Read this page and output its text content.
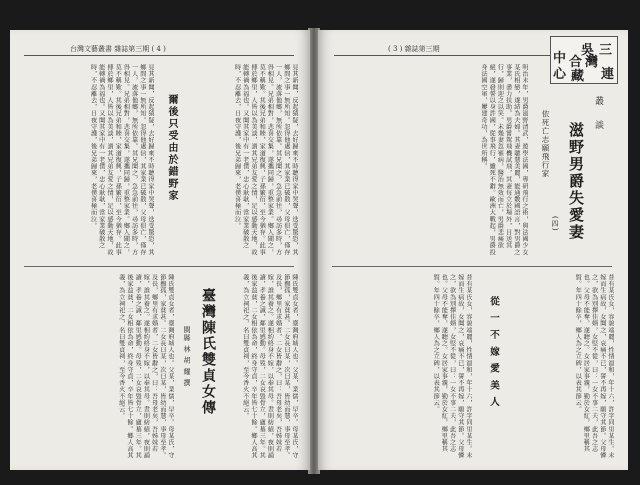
台灣文藝叢書 雜誌第三期 ( 4 )
見其新聞，反起猜疑，去好歸來不時聽得家中哭聲，迭受驚恐，其鄉間之事一無所知。忽得他處信，其家業已破散，父母俱亡，僅存一人，流落他鄉，無所依靠。其兄聞之，急急前往，尋訪多時，方得相見。兄弟相對，悲喜交集，遂攜同歸，重整家業。鄉人聞之，莫不稱歎。其後兄弟和睦，家道復興，子孫繁衍，至今猶存。此事傳於鄉里，人皆以為美談，謂其兄弟友愛之情，足以感動天地，故能轉禍為福也。又聞其家中有一老僕，忠心耿耿，當家業破散之時，不忍離去，日夜守護，後兄弟歸來，老僕喜極而泣。
爾後只受由於錯野家
見其新聞，反起猜疑，去好歸來不時聽得家中哭聲，迭受驚恐，其鄉間之事一無所知。忽得他處信，其家業已破散，父母俱亡，僅存一人，流落他鄉，無所依靠。其兄聞之，急急前往，尋訪多時，方得相見。兄弟相對，悲喜交集，遂攜同歸，重整家業。鄉人聞之，莫不稱歎。其後兄弟和睦，家道復興，子孫繁衍，至今猶存。此事傳於鄉里，人皆以為美談，謂其兄弟友愛之情，足以感動天地，故能轉禍為福也。又聞其家中有一老僕，忠心耿耿，當家業破散之時，不忍離去，日夜守護，後兄弟歸來，老僕喜極而泣。
陳氏雙貞女者，臺灣府城人也。父某，業儒，早卒。母某氏，守節撫孤，家貧甚。二女長曰某，次曰某，皆幼而慧，事母至孝。及長，鄉里有求婚者，二女皆辭之，曰：吾母老矣，吾姊妹若嫁，誰其養之。遂相約終身不嫁，以奉其母。晝則紡績，夜則誦讀，孝養之誠，鄰里感動。母歿，二女哀毀骨立，廬墓三年。其後家益貧，二女相依為命，終身守貞，卒年皆七十餘。鄉人高其義，為立祠祀之，名曰雙貞祠，至今香火不絕云。
臺灣陳氏雙貞女傳
閩縣 林 胡 耀 撰
陳氏雙貞女者，臺灣府城人也。父某，業儒，早卒。母某氏，守節撫孤，家貧甚。二女長曰某，次曰某，皆幼而慧，事母至孝。及長，鄉里有求婚者，二女皆辭之，曰：吾母老矣，吾姊妹若嫁，誰其養之。遂相約終身不嫁，以奉其母。晝則紡績，夜則誦讀，孝養之誠，鄰里感動。母歿，二女哀毀骨立，廬墓三年。其後家益貧，二女相依為命，終身守貞，卒年皆七十餘。鄉人高其義，為立祠祀之，名曰雙貞祠，至今香火不絕云。
( 3 ) 雜誌第三期	吳 三
合 灣
中
心	連
藏
叢 談
滋野男爵失愛妻
(四)
依死亡志願飛行家
明治末年，男爵滋野清武，遊學法國，專研飛行之術，與法國少女某氏相戀，遂結為夫婦。其妻聰慧美麗，能通數國語言，對男爵之事業，盡力扶助。男爵嘗駕飛機試飛，其妻每立於場外，目送其行，歸則迎之以笑。未幾妻忽罹病，醫治無效而亡，男爵悲痛欲絕，遂發誓以身許國，從事飛行，雖死不辭。歐洲大戰起，男爵投身法國空軍，屢建奇功，為世所稱。
昔有某氏女，容貌端麗，性情溫和，年十六，許字同里某生。未嫁而生病故，女聞之，哀痛不已，誓不再嫁，願守其節。父母憐之，欲為別擇佳婿，女堅不從，曰：一女不事二夫，此吾之志也。父母不能奪，遂聽之。女居家事親，勤於女紅，鄉里稱其賢。年四十餘卒，鄉人為之立碑，以表其節云。
從 一 不 嫁 愛 美 人
昔有某氏女，容貌端麗，性情溫和，年十六，許字同里某生。未嫁而生病故，女聞之，哀痛不已，誓不再嫁，願守其節。父母憐之，欲為別擇佳婿，女堅不從，曰：一女不事二夫，此吾之志也。父母不能奪，遂聽之。女居家事親，勤於女紅，鄉里稱其賢。年四十餘卒，鄉人為之立碑，以表其節云。
